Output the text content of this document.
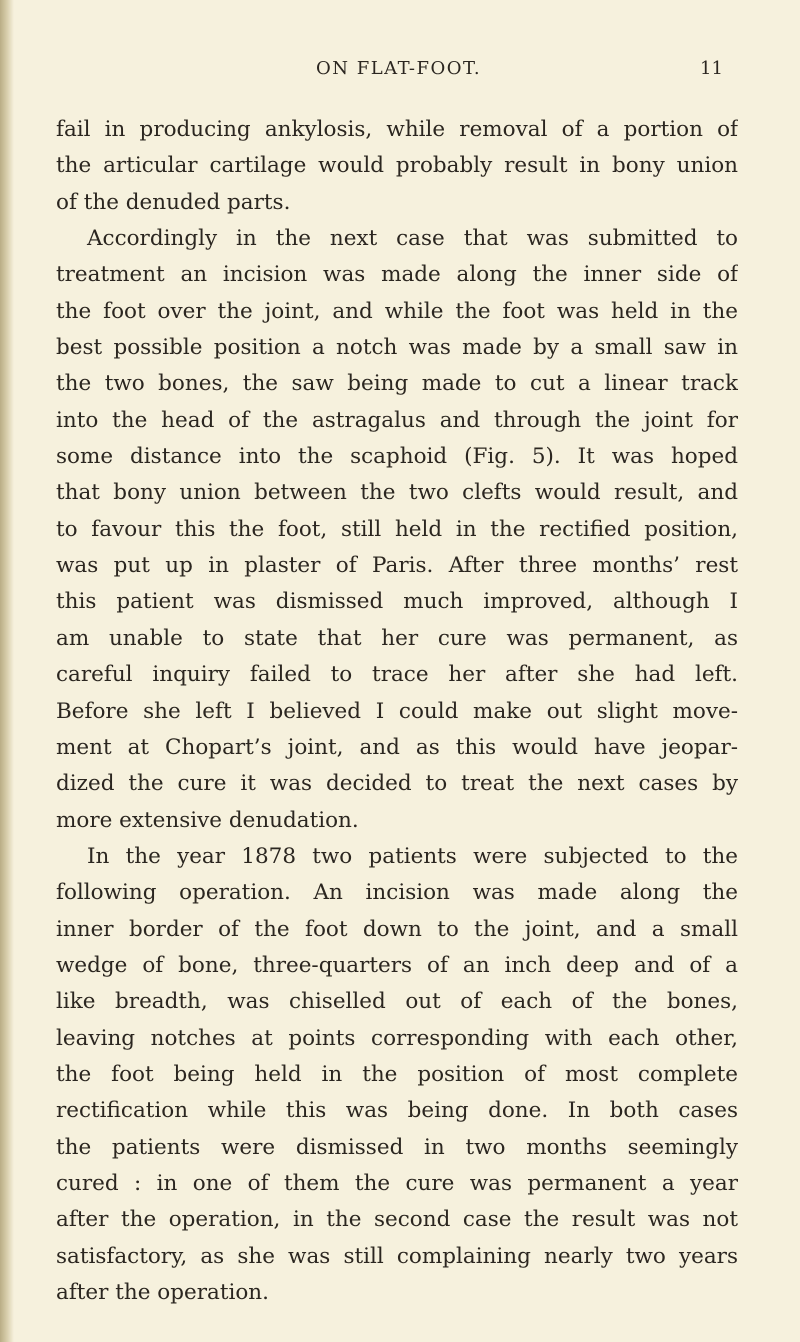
ON FLAT-FOOT.	11
fail in producing ankylosis, while removal of a portion of
the articular cartilage would probably result in bony union
of the denuded parts.
Accordingly in the next case that was submitted to
treatment an incision was made along the inner side of
the foot over the joint, and while the foot was held in the
best possible position a notch was made by a small saw in
the two bones, the saw being made to cut a linear track
into the head of the astragalus and through the joint for
some distance into the scaphoid (Fig. 5). It was hoped
that bony union between the two clefts would result, and
to favour this the foot, still held in the rectified position,
was put up in plaster of Paris. After three months’ rest
this patient was dismissed much improved, although I
am unable to state that her cure was permanent, as
careful inquiry failed to trace her after she had left.
Before she left I believed I could make out slight move-
ment at Chopart’s joint, and as this would have jeopar-
dized the cure it was decided to treat the next cases by
more extensive denudation.
In the year 1878 two patients were subjected to the
following operation. An incision was made along the
inner border of the foot down to the joint, and a small
wedge of bone, three-quarters of an inch deep and of a
like breadth, was chiselled out of each of the bones,
leaving notches at points corresponding with each other,
the foot being held in the position of most complete
rectification while this was being done. In both cases
the patients were dismissed in two months seemingly
cured : in one of them the cure was permanent a year
after the operation, in the second case the result was not
satisfactory, as she was still complaining nearly two years
after the operation.
